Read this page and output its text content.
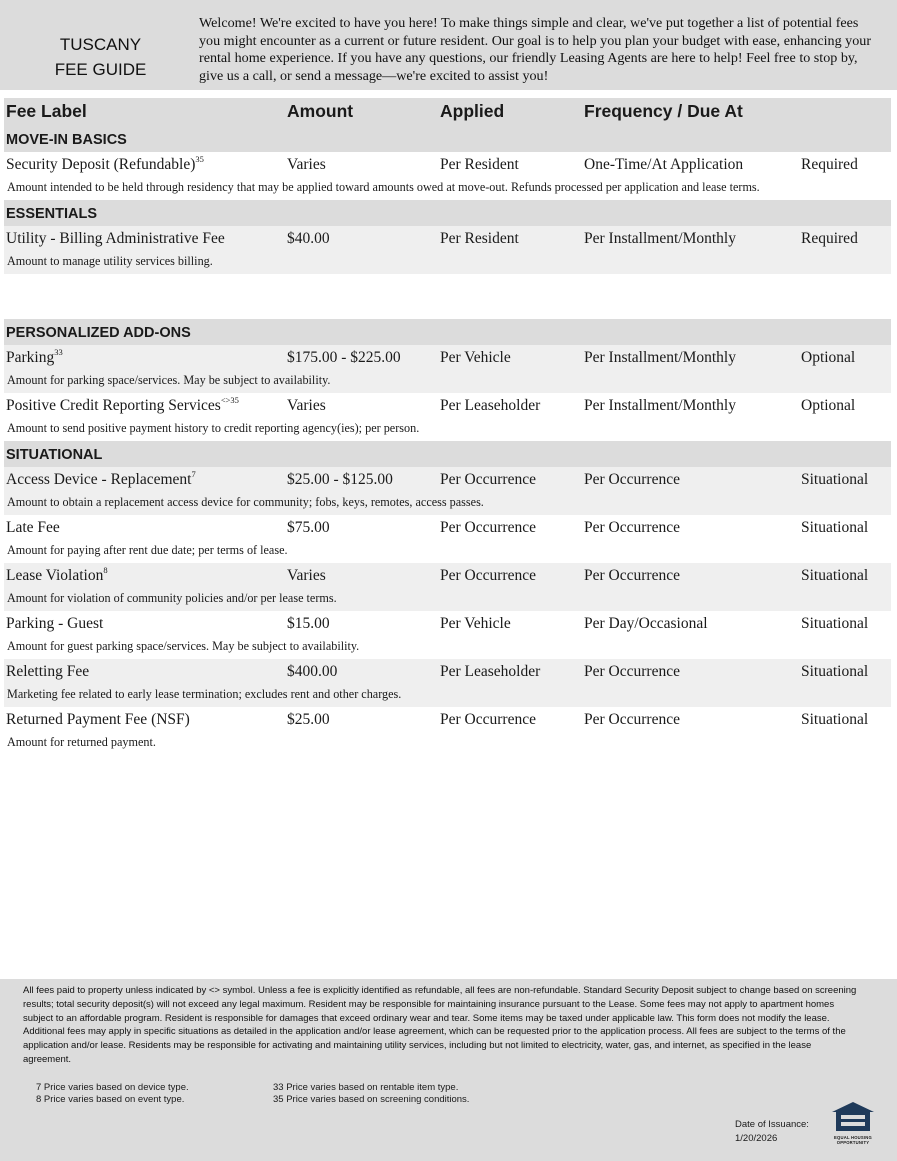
TUSCANY
FEE GUIDE
Welcome! We're excited to have you here! To make things simple and clear, we've put together a list of potential fees you might encounter as a current or future resident. Our goal is to help you plan your budget with ease, enhancing your rental home experience. If you have any questions, our friendly Leasing Agents are here to help! Feel free to stop by, give us a call, or send a message—we're excited to assist you!
Fee Label	Amount	Applied	Frequency / Due At
MOVE-IN BASICS
Security Deposit (Refundable)$^{35}$	Varies	Per Resident	One-Time/At Application	Required
Amount intended to be held through residency that may be applied toward amounts owed at move-out. Refunds processed per application and lease terms.
ESSENTIALS
Utility - Billing Administrative Fee	$40.00	Per Resident	Per Installment/Monthly	Required
Amount to manage utility services billing.
PERSONALIZED ADD-ONS
Parking$^{33}$	$175.00 - $225.00	Per Vehicle	Per Installment/Monthly	Optional
Amount for parking space/services. May be subject to availability.
Positive Credit Reporting Services$^{<>35}$	Varies	Per Leaseholder	Per Installment/Monthly	Optional
Amount to send positive payment history to credit reporting agency(ies); per person.
SITUATIONAL
Access Device - Replacement$^7$	$25.00 - $125.00	Per Occurrence	Per Occurrence	Situational
Amount to obtain a replacement access device for community; fobs, keys, remotes, access passes.
Late Fee	$75.00	Per Occurrence	Per Occurrence	Situational
Amount for paying after rent due date; per terms of lease.
Lease Violation$^8$	Varies	Per Occurrence	Per Occurrence	Situational
Amount for violation of community policies and/or per lease terms.
Parking - Guest	$15.00	Per Vehicle	Per Day/Occasional	Situational
Amount for guest parking space/services. May be subject to availability.
Reletting Fee	$400.00	Per Leaseholder	Per Occurrence	Situational
Marketing fee related to early lease termination; excludes rent and other charges.
Returned Payment Fee (NSF)	$25.00	Per Occurrence	Per Occurrence	Situational
Amount for returned payment.
All fees paid to property unless indicated by <> symbol. Unless a fee is explicitly identified as refundable, all fees are non-refundable. Standard Security Deposit subject to change based on screening results; total security deposit(s) will not exceed any legal maximum. Resident may be responsible for maintaining insurance pursuant to the Lease. Some fees may not apply to apartment homes subject to an affordable program. Resident is responsible for damages that exceed ordinary wear and tear. Some items may be taxed under applicable law. This form does not modify the lease. Additional fees may apply in specific situations as detailed in the application and/or lease agreement, which can be requested prior to the application process. All fees are subject to the terms of the application and/or lease. Residents may be responsible for activating and maintaining utility services, including but not limited to electricity, water, gas, and internet, as specified in the lease agreement.
7 Price varies based on device type.
8 Price varies based on event type.
33 Price varies based on rentable item type.
35 Price varies based on screening conditions.
Date of Issuance:
1/20/2026	EQUAL HOUSING
OPPORTUNITY
